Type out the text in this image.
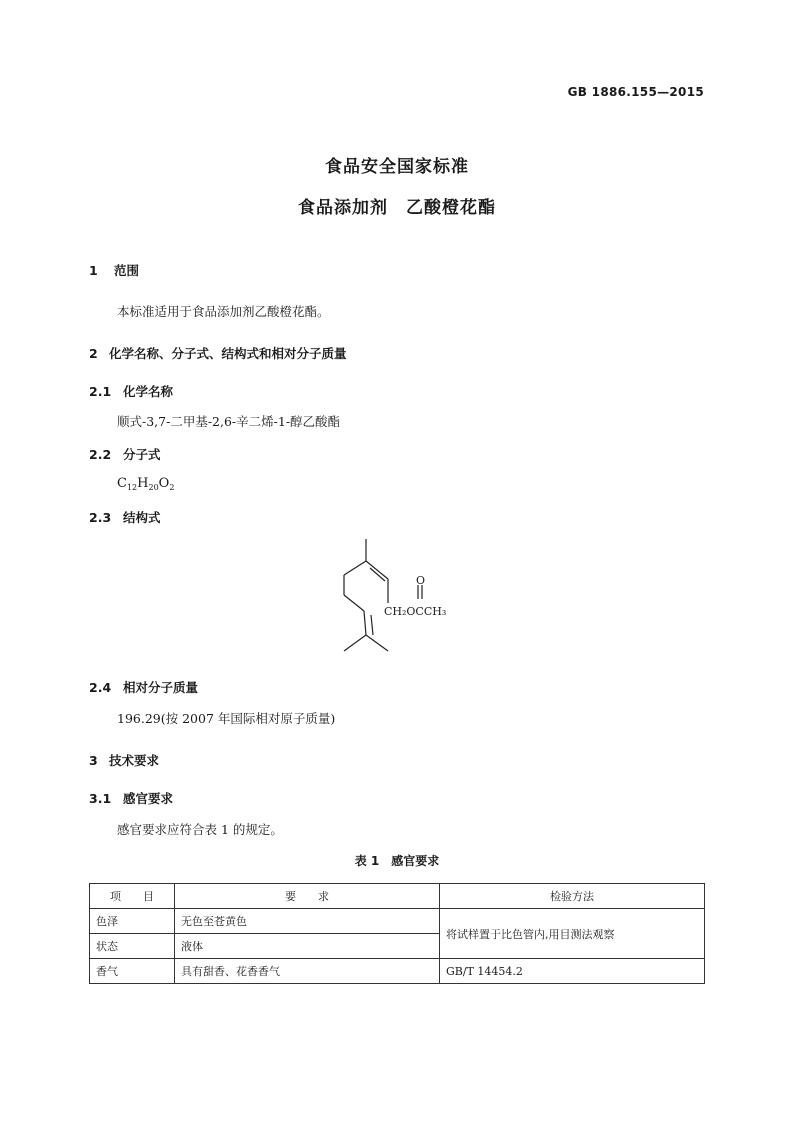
GB 1886.155—2015
食品安全国家标准
食品添加剂　乙酸橙花酯
1 范围
本标准适用于食品添加剂乙酸橙花酯。
2 化学名称、分子式、结构式和相对分子质量
2.1 化学名称
顺式-3,7-二甲基-2,6-辛二烯-1-醇乙酸酯
2.2 分子式
$C_{12}H_{20}O_2$
2.3 结构式
O
CH₂OCCH₃
2.4 相对分子质量
196.29(按 2007 年国际相对原子质量)
3 技术要求
3.1 感官要求
感官要求应符合表 1 的规定。
表 1　感官要求
项　　目	要　　求	检验方法
色泽	无色至苍黄色	将试样置于比色管内,用目测法观察
状态	液体	
香气	具有甜香、花香香气	GB/T 14454.2
